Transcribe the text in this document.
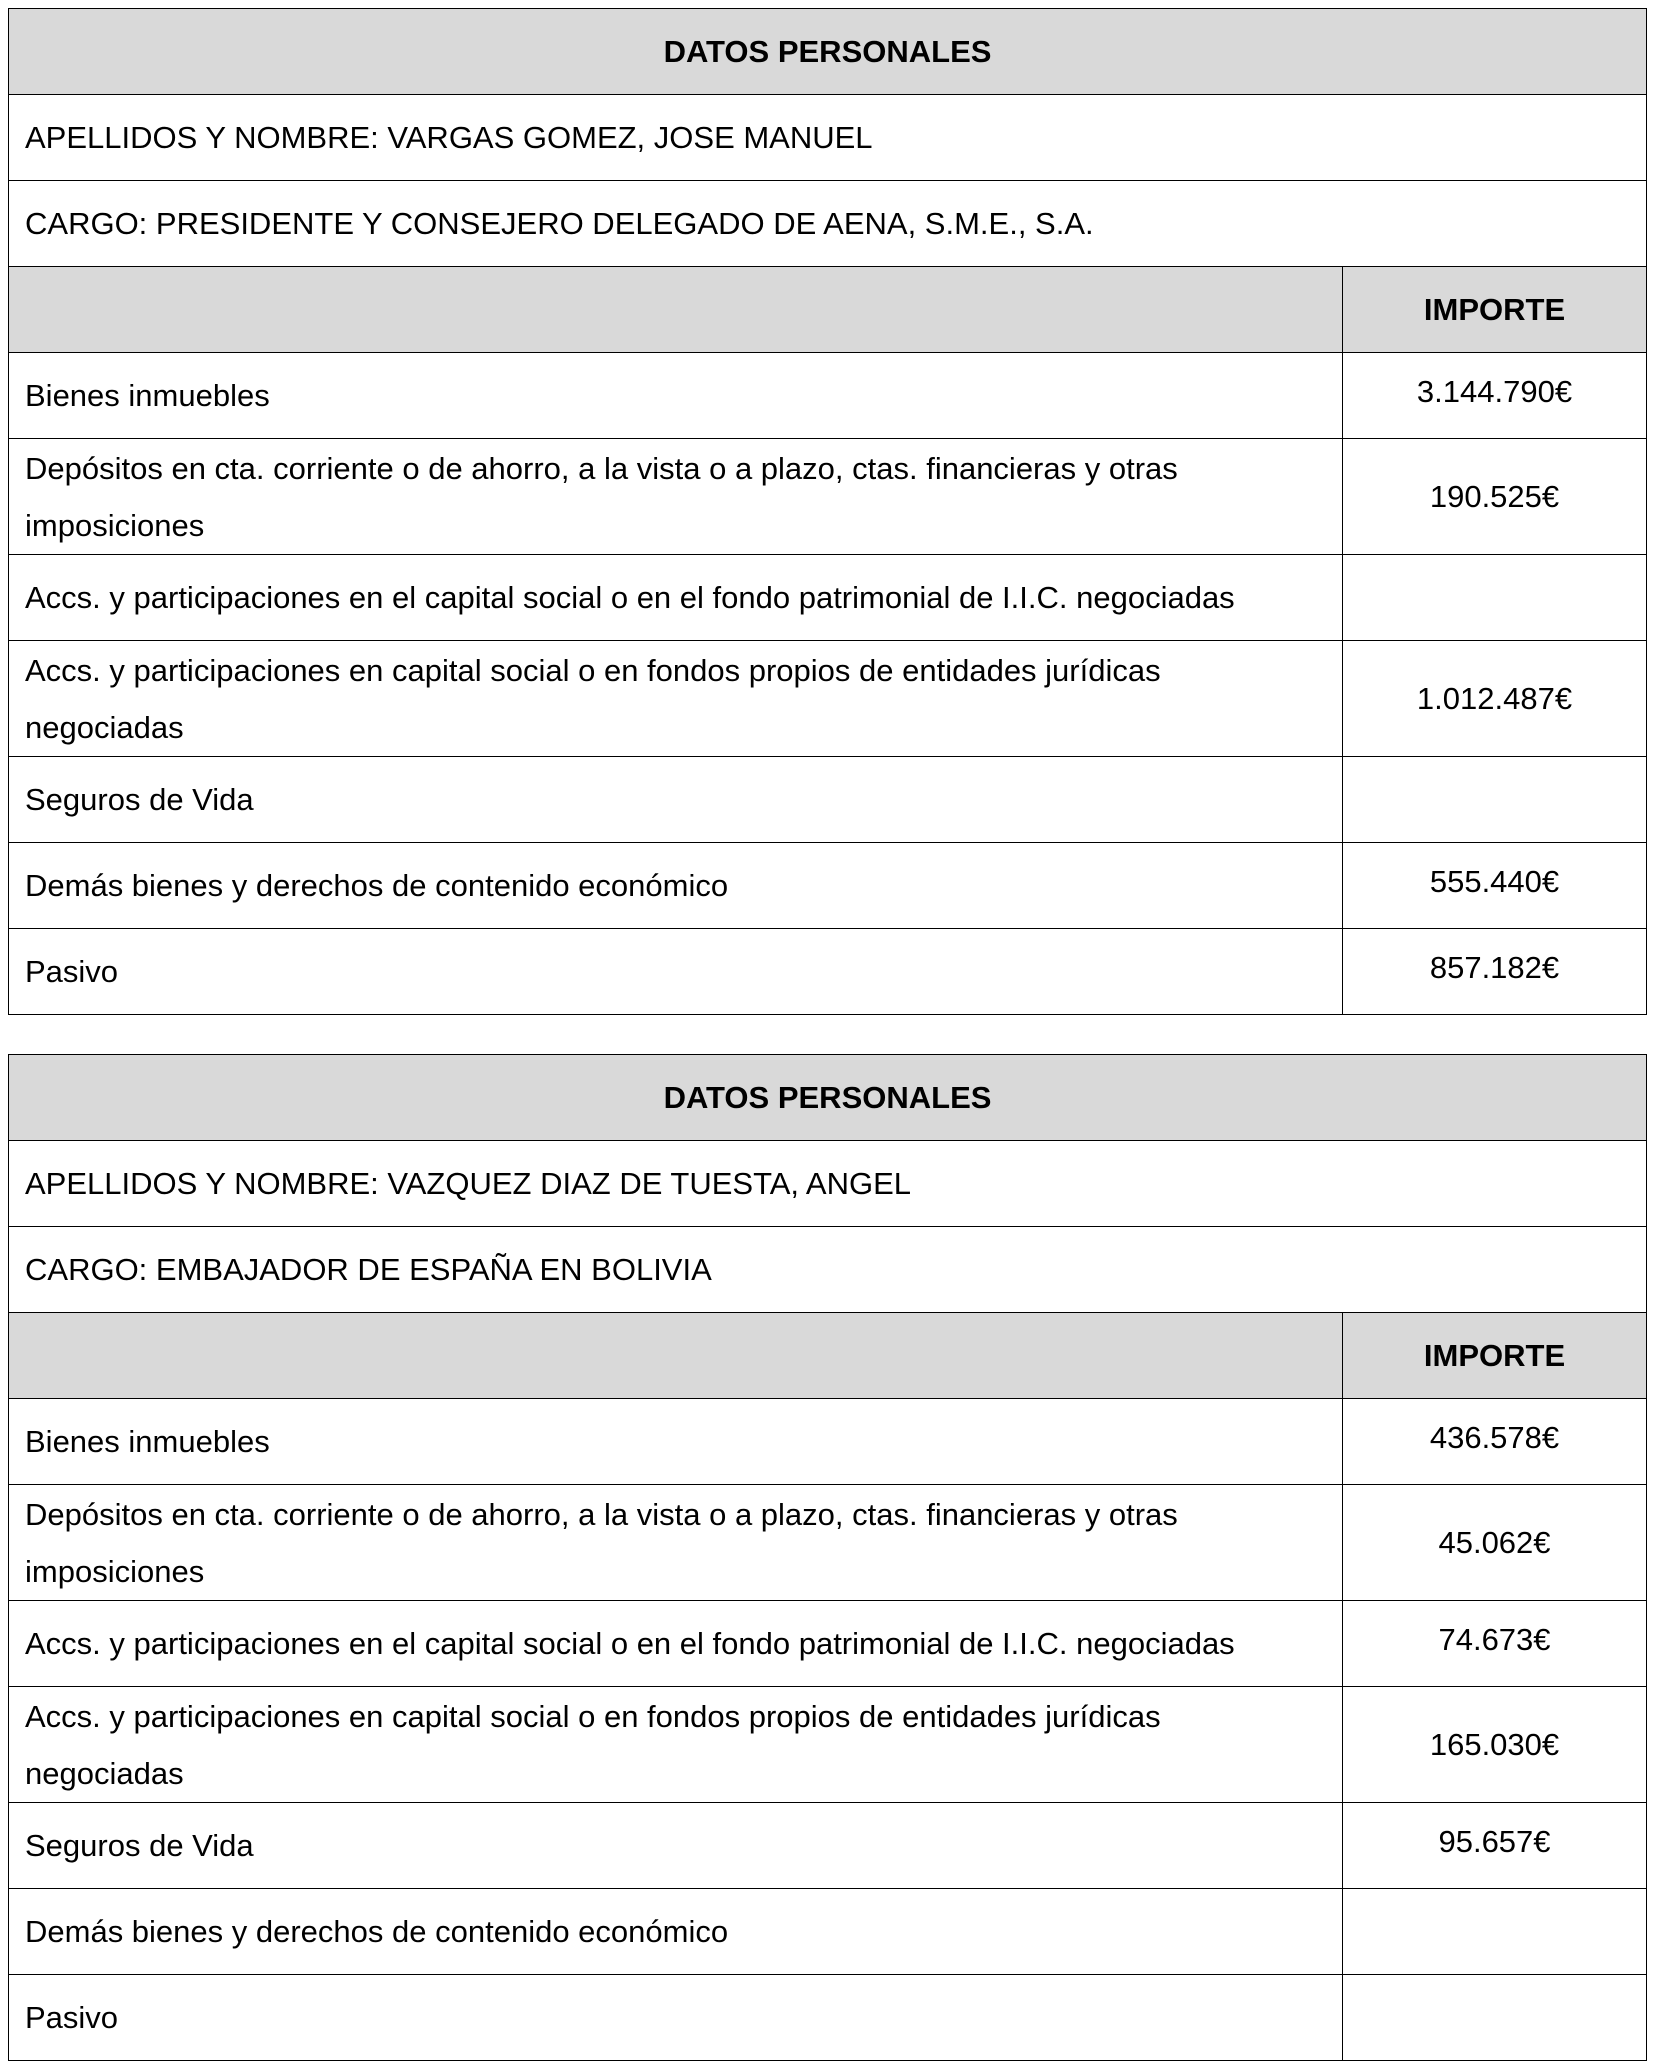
DATOS PERSONALES	
APELLIDOS Y NOMBRE: VARGAS GOMEZ, JOSE MANUEL	
CARGO: PRESIDENTE Y CONSEJERO DELEGADO DE AENA, S.M.E., S.A.	
	IMPORTE
Bienes inmuebles	3.144.790€
Depósitos en cta. corriente o de ahorro, a la vista o a plazo, ctas. financieras y otras imposiciones	190.525€
Accs. y participaciones en el capital social o en el fondo patrimonial de I.I.C. negociadas	
Accs. y participaciones en capital social o en fondos propios de entidades jurídicas negociadas	1.012.487€
Seguros de Vida	
Demás bienes y derechos de contenido económico	555.440€
Pasivo	857.182€
DATOS PERSONALES	
APELLIDOS Y NOMBRE: VAZQUEZ DIAZ DE TUESTA, ANGEL	
CARGO: EMBAJADOR DE ESPAÑA EN BOLIVIA	
	IMPORTE
Bienes inmuebles	436.578€
Depósitos en cta. corriente o de ahorro, a la vista o a plazo, ctas. financieras y otras imposiciones	45.062€
Accs. y participaciones en el capital social o en el fondo patrimonial de I.I.C. negociadas	74.673€
Accs. y participaciones en capital social o en fondos propios de entidades jurídicas negociadas	165.030€
Seguros de Vida	95.657€
Demás bienes y derechos de contenido económico	
Pasivo	
